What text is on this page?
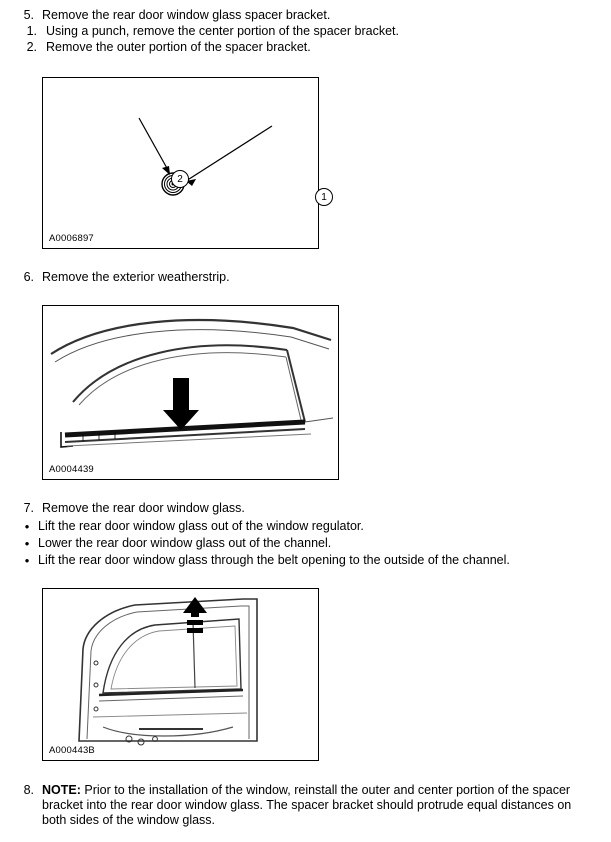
5. Remove the rear door window glass spacer bracket.
1. Using a punch, remove the center portion of the spacer bracket.
2. Remove the outer portion of the spacer bracket.
2
1
A0006897
6. Remove the exterior weatherstrip.
A0004439
7. Remove the rear door window glass.
• Lift the rear door window glass out of the window regulator.
• Lower the rear door window glass out of the channel.
• Lift the rear door window glass through the belt opening to the outside of the channel.
A000443B
8. NOTE: Prior to the installation of the window, reinstall the outer and center portion of the spacer bracket into the rear door window glass. The spacer bracket should protrude equal distances on both sides of the window glass.
